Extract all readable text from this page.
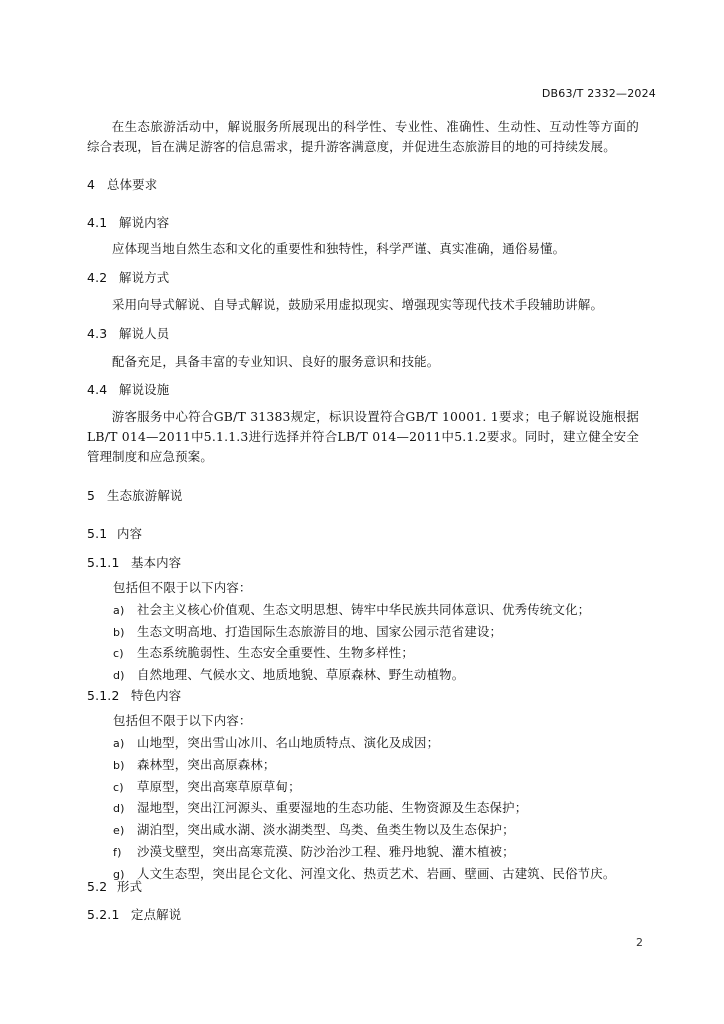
DB63/T 2332—2024
在生态旅游活动中，解说服务所展现出的科学性、专业性、准确性、生动性、互动性等方面的综合表现，旨在满足游客的信息需求，提升游客满意度，并促进生态旅游目的地的可持续发展。
4 总体要求
4.1 解说内容
应体现当地自然生态和文化的重要性和独特性，科学严谨、真实准确，通俗易懂。
4.2 解说方式
采用向导式解说、自导式解说，鼓励采用虚拟现实、增强现实等现代技术手段辅助讲解。
4.3 解说人员
配备充足，具备丰富的专业知识、良好的服务意识和技能。
4.4 解说设施
游客服务中心符合GB/T 31383规定，标识设置符合GB/T 10001. 1要求；电子解说设施根据LB/T 014—2011中5.1.1.3进行选择并符合LB/T 014—2011中5.1.2要求。同时，建立健全安全管理制度和应急预案。
5 生态旅游解说
5.1 内容
5.1.1 基本内容
包括但不限于以下内容：
a) 社会主义核心价值观、生态文明思想、铸牢中华民族共同体意识、优秀传统文化；
b) 生态文明高地、打造国际生态旅游目的地、国家公园示范省建设；
c) 生态系统脆弱性、生态安全重要性、生物多样性；
d) 自然地理、气候水文、地质地貌、草原森林、野生动植物。
5.1.2 特色内容
包括但不限于以下内容：
a) 山地型，突出雪山冰川、名山地质特点、演化及成因；
b) 森林型，突出高原森林；
c) 草原型，突出高寒草原草甸；
d) 湿地型，突出江河源头、重要湿地的生态功能、生物资源及生态保护；
e) 湖泊型，突出咸水湖、淡水湖类型、鸟类、鱼类生物以及生态保护；
f) 沙漠戈壁型，突出高寒荒漠、防沙治沙工程、雅丹地貌、灌木植被；
g) 人文生态型，突出昆仑文化、河湟文化、热贡艺术、岩画、壁画、古建筑、民俗节庆。
5.2 形式
5.2.1 定点解说
2
